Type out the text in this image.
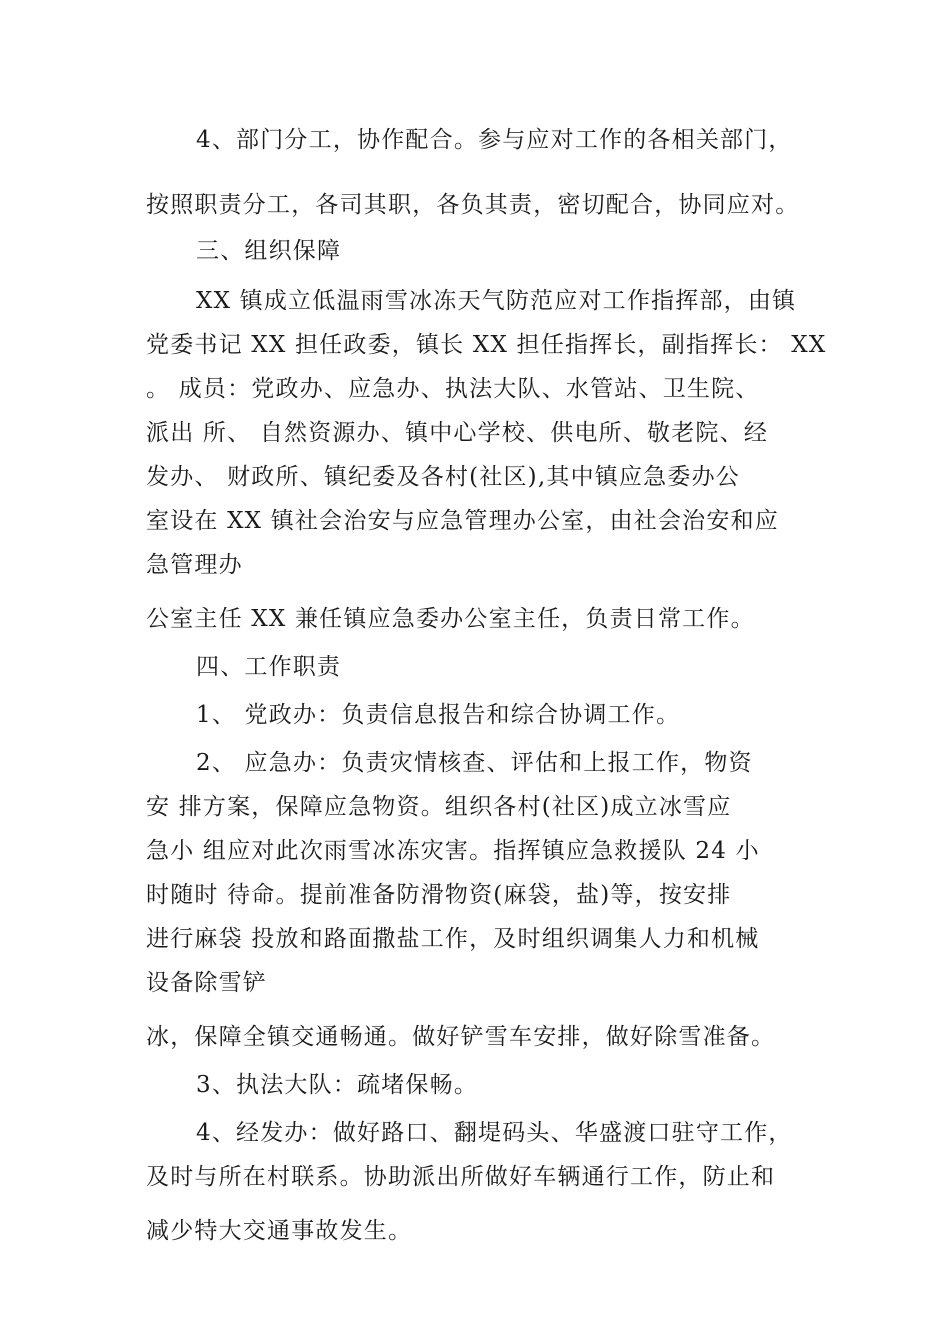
4、部门分工，协作配合。参与应对工作的各相关部门，
按照职责分工，各司其职，各负其责，密切配合，协同应对。
三、组织保障
XX 镇成立低温雨雪冰冻天气防范应对工作指挥部，由镇
党委书记 XX 担任政委，镇长 XX 担任指挥长，副指挥长： XX
。 成员：党政办、应急办、执法大队、水管站、卫生院、
派出 所、 自然资源办、镇中心学校、供电所、敬老院、经
发办、 财政所、镇纪委及各村(社区),其中镇应急委办公
室设在 XX 镇社会治安与应急管理办公室，由社会治安和应
急管理办
公室主任 XX 兼任镇应急委办公室主任，负责日常工作。
四、工作职责
1、 党政办：负责信息报告和综合协调工作。
2、 应急办：负责灾情核查、评估和上报工作，物资
安 排方案，保障应急物资。组织各村(社区)成立冰雪应
急小 组应对此次雨雪冰冻灾害。指挥镇应急救援队 24 小
时随时 待命。提前准备防滑物资(麻袋，盐)等，按安排
进行麻袋 投放和路面撒盐工作，及时组织调集人力和机械
设备除雪铲
冰，保障全镇交通畅通。做好铲雪车安排，做好除雪准备。
3、执法大队：疏堵保畅。
4、经发办：做好路口、翻堤码头、华盛渡口驻守工作，
及时与所在村联系。协助派出所做好车辆通行工作，防止和
减少特大交通事故发生。
